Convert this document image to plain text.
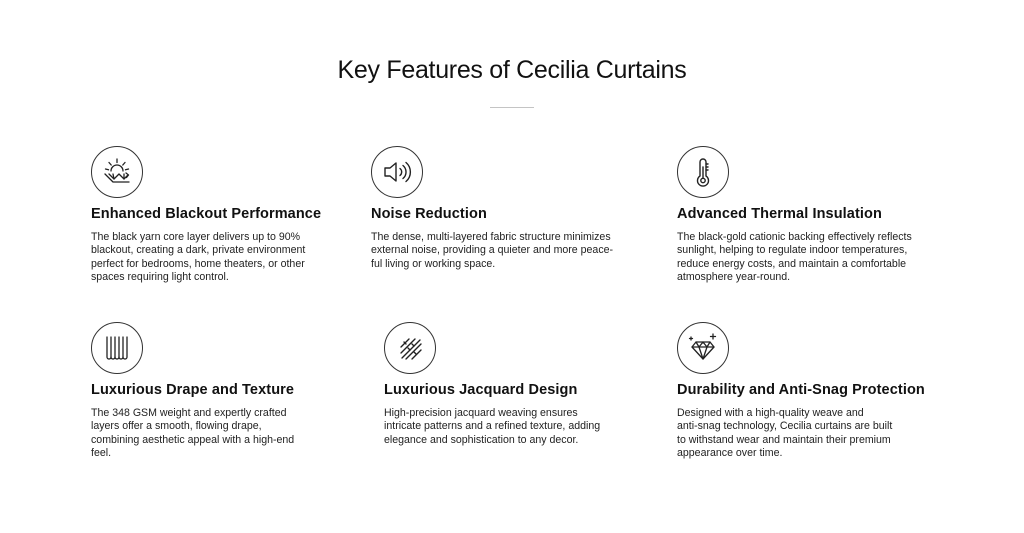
Key Features of Cecilia Curtains
Enhanced Blackout Performance
The black yarn core layer delivers up to 90%
blackout, creating a dark, private environment
perfect for bedrooms, home theaters, or other
spaces requiring light control.
Noise Reduction
The dense, multi-layered fabric structure minimizes
external noise, providing a quieter and more peace-
ful living or working space.
Advanced Thermal Insulation
The black-gold cationic backing effectively reflects
sunlight, helping to regulate indoor temperatures,
reduce energy costs, and maintain a comfortable
atmosphere year-round.
Luxurious Drape and Texture
The 348 GSM weight and expertly crafted
layers offer a smooth, flowing drape,
combining aesthetic appeal with a high-end
feel.
Luxurious Jacquard Design
High-precision jacquard weaving ensures
intricate patterns and a refined texture, adding
elegance and sophistication to any decor.
Durability and Anti-Snag Protection
Designed with a high-quality weave and
anti-snag technology, Cecilia curtains are built
to withstand wear and maintain their premium
appearance over time.
